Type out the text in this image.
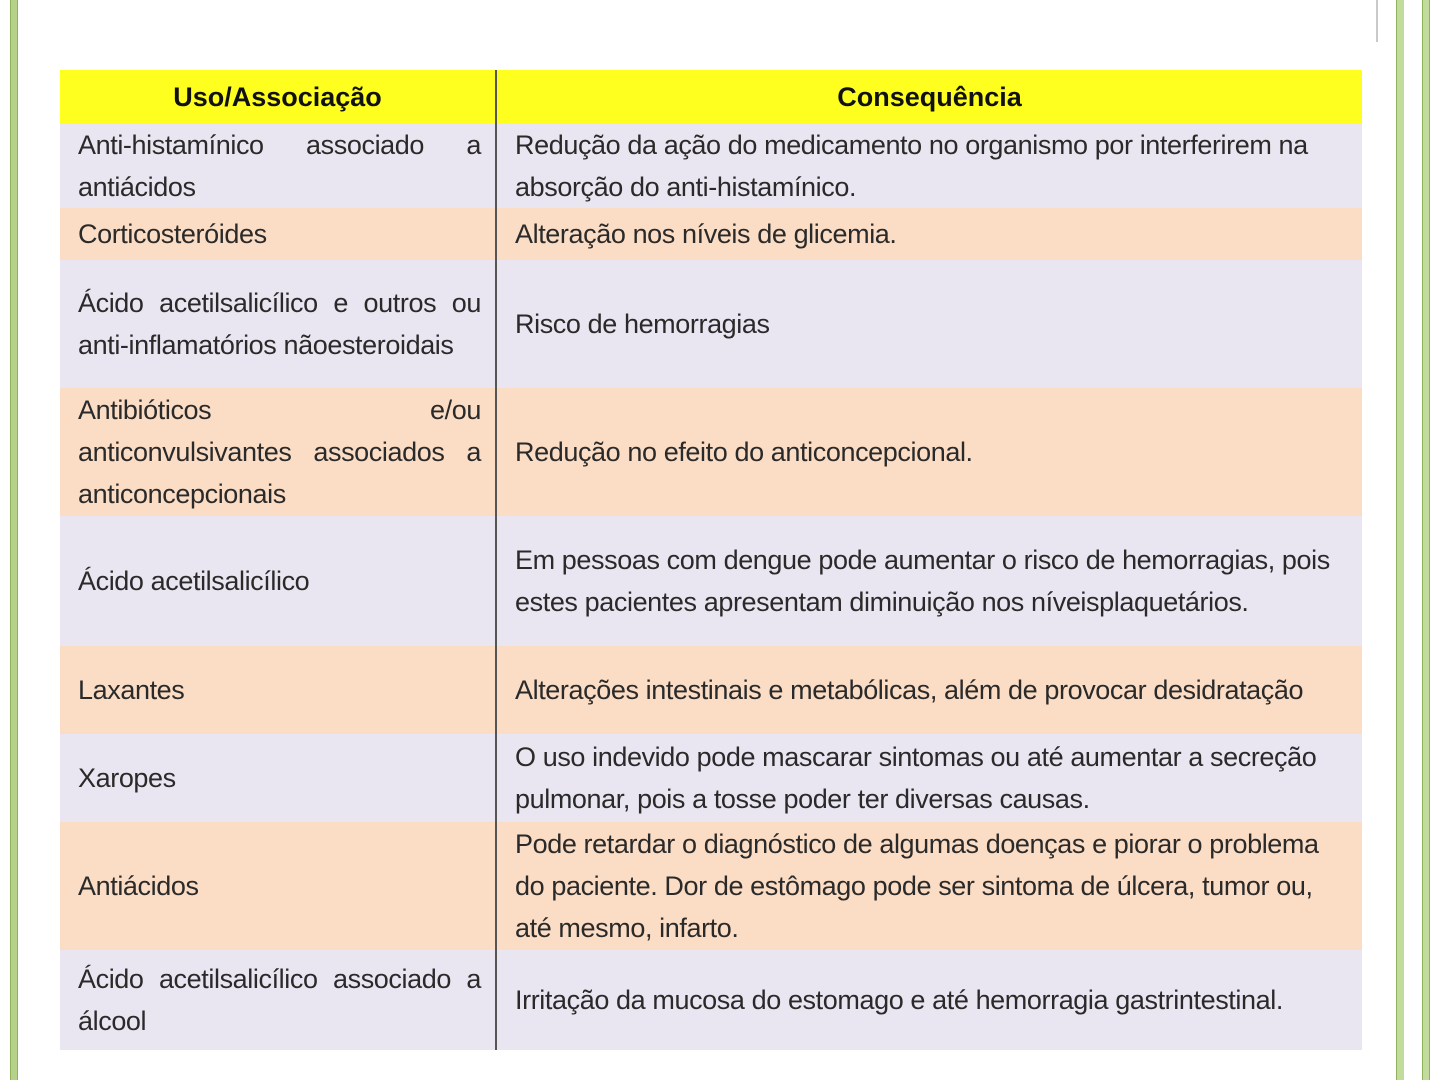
Uso/Associação	Consequência
Anti-histamínico associado a antiácidos	Redução da ação do medicamento no organismo por interferirem na absorção do anti-histamínico.
Corticosteróides	Alteração nos níveis de glicemia.
Ácido acetilsalicílico e outros ou anti-inflamatórios nãoesteroidais	Risco de hemorragias
Antibióticos e/ou anticonvulsivantes associados a anticoncepcionais	Redução no efeito do anticoncepcional.
Ácido acetilsalicílico	Em pessoas com dengue pode aumentar o risco de hemorragias, pois estes pacientes apresentam diminuição nos níveisplaquetários.
Laxantes	Alterações intestinais e metabólicas, além de provocar desidratação
Xaropes	O uso indevido pode mascarar sintomas ou até aumentar a secreção pulmonar, pois a tosse poder ter diversas causas.
Antiácidos	Pode retardar o diagnóstico de algumas doenças e piorar o problema do paciente. Dor de estômago pode ser sintoma de úlcera, tumor ou, até mesmo, infarto.
Ácido acetilsalicílico associado a álcool	Irritação da mucosa do estomago e até hemorragia gastrintestinal.
